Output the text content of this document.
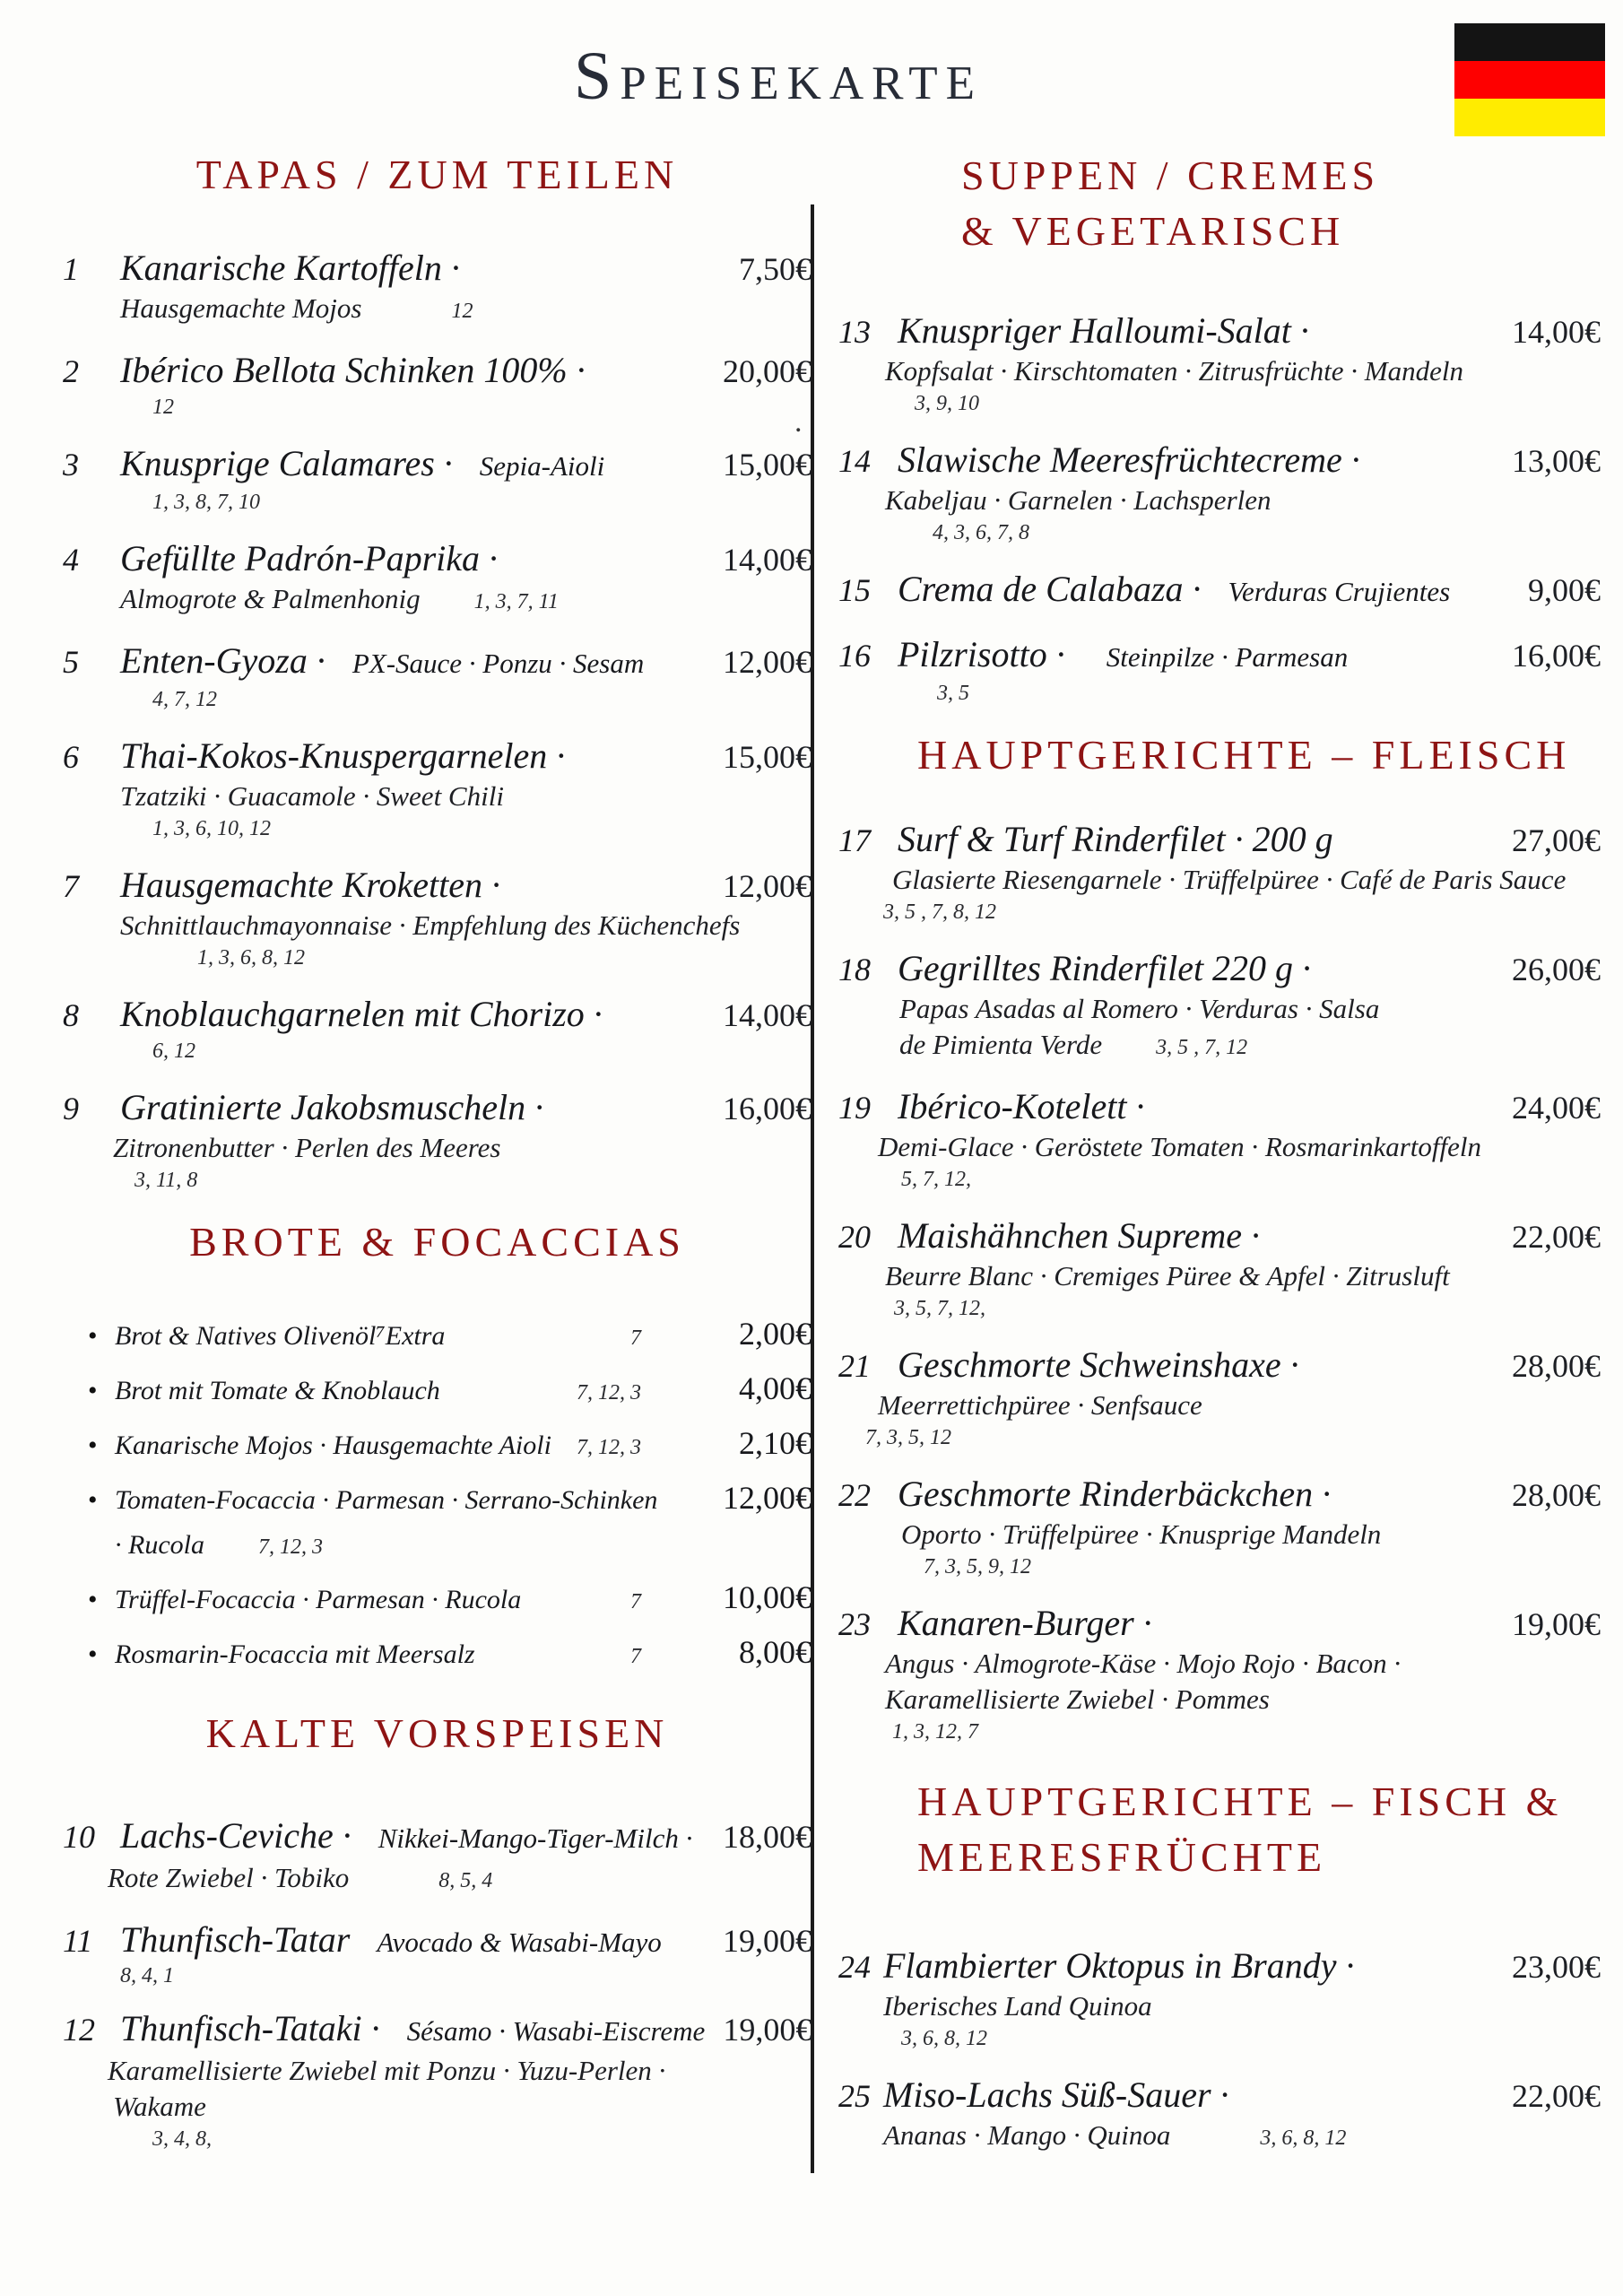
Speisekarte
.
TAPAS / ZUM TEILEN
1	Kanarische Kartoffeln ·	7,50€
Hausgemachte Mojos	12
2	Ibérico Bellota Schinken 100% ·	20,00€
12
3	Knusprige Calamares · Sepia-Aioli	15,00€
1, 3, 8, 7, 10
4	Gefüllte Padrón-Paprika ·	14,00€
Almogrote & Palmenhonig	1, 3, 7, 11
5	Enten-Gyoza · PX-Sauce · Ponzu · Sesam	12,00€
4, 7, 12
6	Thai-Kokos-Knuspergarnelen ·	15,00€
Tzatziki · Guacamole · Sweet Chili
1, 3, 6, 10, 12
7	Hausgemachte Kroketten ·	12,00€
Schnittlauchmayonnaise · Empfehlung des Küchenchefs
1, 3, 6, 8, 12
8	Knoblauchgarnelen mit Chorizo ·	14,00€
6, 12
9	Gratinierte Jakobsmuscheln ·	16,00€
Zitronenbutter · Perlen des Meeres
3, 11, 8
BROTE & FOCACCIAS
• Brot & Natives Olivenöl⁷Extra	7	2,00€
• Brot mit Tomate & Knoblauch	7, 12, 3	4,00€
• Kanarische Mojos · Hausgemachte Aioli 7, 12, 3	2,10€
• Tomaten-Focaccia · Parmesan · Serrano-Schinken	12,00€
· Rucola	7, 12, 3
• Trüffel-Focaccia · Parmesan · Rucola	7	10,00€
• Rosmarin-Focaccia mit Meersalz	7	8,00€
KALTE VORSPEISEN
10 Lachs-Ceviche · Nikkei-Mango-Tiger-Milch · 18,00€
Rote Zwiebel · Tobiko	8, 5, 4
11 Thunfisch-Tatar Avocado & Wasabi-Mayo	19,00€
8, 4, 1
12 Thunfisch-Tataki · Sésamo · Wasabi-Eiscreme 19,00€
Karamellisierte Zwiebel mit Ponzu · Yuzu-Perlen ·
Wakame
3, 4, 8,
SUPPEN / CREMES
& VEGETARISCH
13 Knuspriger Halloumi-Salat ·	14,00€
Kopfsalat · Kirschtomaten · Zitrusfrüchte · Mandeln
3, 9, 10
14 Slawische Meeresfrüchtecreme ·	13,00€
Kabeljau · Garnelen · Lachsperlen
4, 3, 6, 7, 8
15 Crema de Calabaza · Verduras Crujientes	9,00€
16 Pilzrisotto · Steinpilze · Parmesan	16,00€
3, 5
HAUPTGERICHTE – FLEISCH
17 Surf & Turf Rinderfilet · 200 g	27,00€
Glasierte Riesengarnele · Trüffelpüree · Café de Paris Sauce
3, 5 , 7, 8, 12
18 Gegrilltes Rinderfilet 220 g ·	26,00€
Papas Asadas al Romero · Verduras · Salsa
de Pimienta Verde	3, 5 , 7, 12
19 Ibérico-Kotelett ·	24,00€
Demi-Glace · Geröstete Tomaten · Rosmarinkartoffeln
5, 7, 12,
20 Maishähnchen Supreme ·	22,00€
Beurre Blanc · Cremiges Püree & Apfel · Zitrusluft
3, 5, 7, 12,
21 Geschmorte Schweinshaxe ·	28,00€
Meerrettichpüree · Senfsauce
7, 3, 5, 12
22 Geschmorte Rinderbäckchen ·	28,00€
Oporto · Trüffelpüree · Knusprige Mandeln
7, 3, 5, 9, 12
23 Kanaren-Burger ·	19,00€
Angus · Almogrote-Käse · Mojo Rojo · Bacon ·
Karamellisierte Zwiebel · Pommes
1, 3, 12, 7
HAUPTGERICHTE – FISCH &
MEERESFRÜCHTE
24 Flambierter Oktopus in Brandy ·	23,00€
Iberisches Land Quinoa
3, 6, 8, 12
25 Miso-Lachs Süß-Sauer ·	22,00€
Ananas · Mango · Quinoa	3, 6, 8, 12
